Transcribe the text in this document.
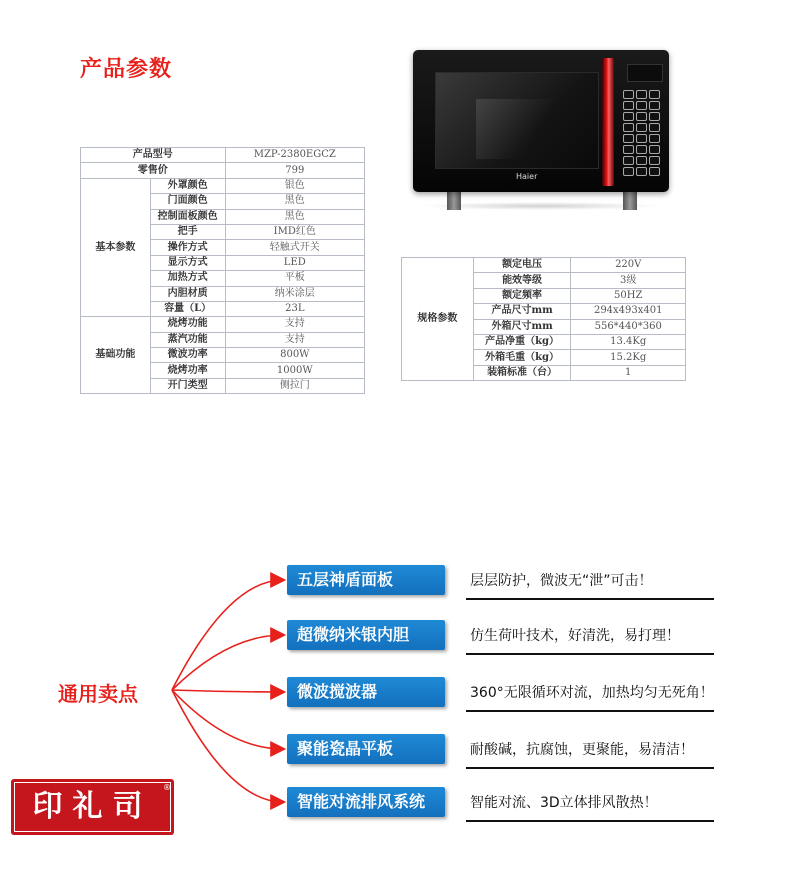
产品参数
产品型号		MZP-2380EGCZ
零售价		799
基本参数	外罩颜色	银色
	门面颜色	黑色
	控制面板颜色	黑色
	把手	IMD红色
	操作方式	轻触式开关
	显示方式	LED
	加热方式	平板
	内胆材质	纳米涂层
	容量（L）	23L
基础功能	烧烤功能	支持
	蒸汽功能	支持
	微波功率	800W
	烧烤功率	1000W
	开门类型	侧拉门
Haier
规格参数	额定电压	220V
	能效等级	3级
	额定频率	50HZ
	产品尺寸mm	294x493x401
	外箱尺寸mm	556*440*360
	产品净重（kg）	13.4Kg
	外箱毛重（kg）	15.2Kg
	装箱标准（台）	1
通用卖点
五层神盾面板	层层防护，微波无“泄”可击！
超微纳米银内胆	仿生荷叶技术，好清洗，易打理！
微波搅波器	360°无限循环对流，加热均匀无死角！
聚能瓷晶平板	耐酸碱，抗腐蚀，更聚能，易清洁！
智能对流排风系统	智能对流、3D立体排风散热！
印礼司
®
